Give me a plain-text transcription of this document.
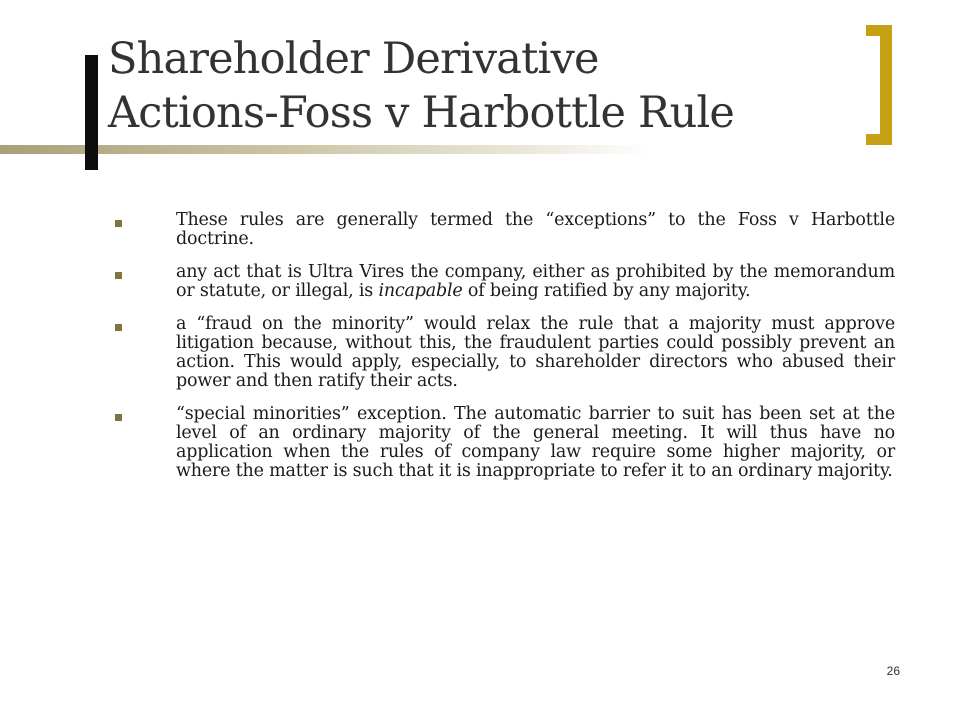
Shareholder Derivative
Actions-Foss v Harbottle Rule
These rules are generally termed the “exceptions” to the Foss v Harbottle doctrine.
any act that is Ultra Vires the company, either as prohibited by the memorandum or statute, or illegal, is incapable of being ratified by any majority.
a “fraud on the minority” would relax the rule that a majority must approve litigation because, without this, the fraudulent parties could possibly prevent an action. This would apply, especially, to shareholder directors who abused their power and then ratify their acts.
“special minorities” exception. The automatic barrier to suit has been set at the level of an ordinary majority of the general meeting. It will thus have no application when the rules of company law require some higher majority, or where the matter is such that it is inappropriate to refer it to an ordinary majority.
26
